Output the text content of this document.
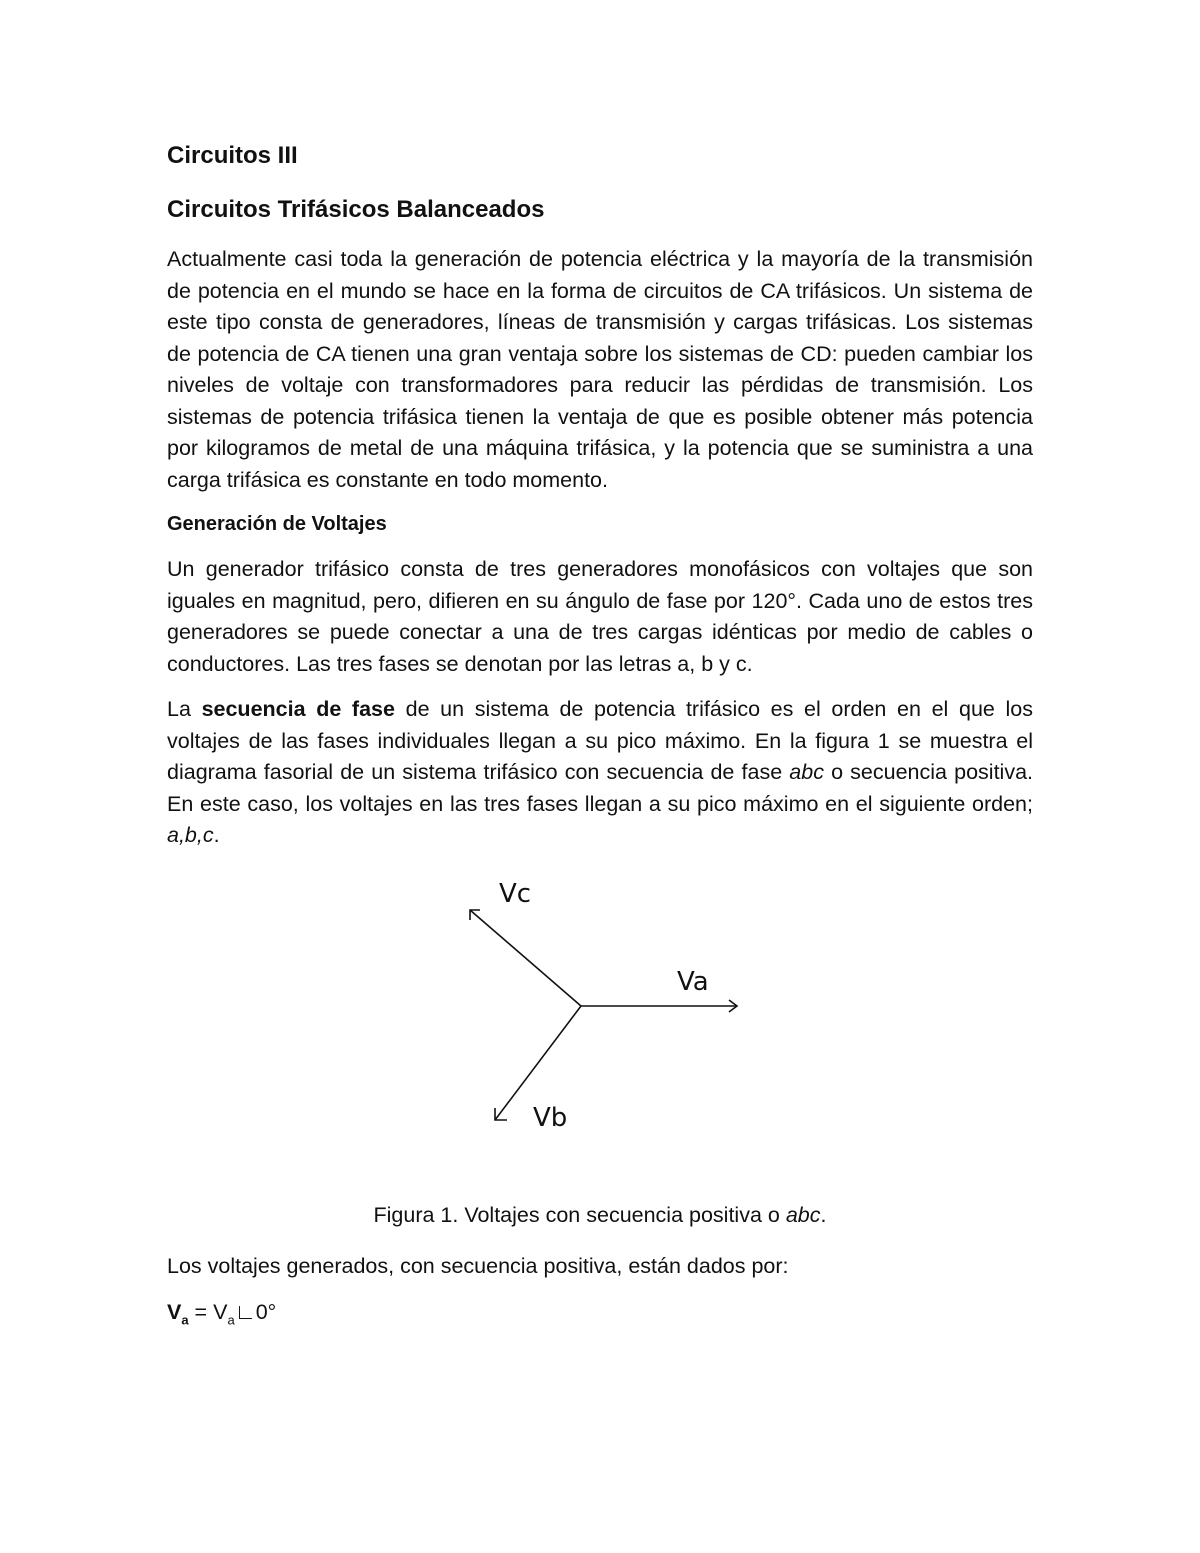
Circuitos III
Circuitos Trifásicos Balanceados

Actualmente casi toda la generación de potencia eléctrica y la mayoría de la transmisión de potencia en el mundo se hace en la forma de circuitos de CA trifásicos. Un sistema de este tipo consta de generadores, líneas de transmisión y cargas trifásicas. Los sistemas de potencia de CA tienen una gran ventaja sobre los sistemas de CD: pueden cambiar los niveles de voltaje con transformadores para reducir las pérdidas de transmisión. Los sistemas de potencia trifásica tienen la ventaja de que es posible obtener más potencia por kilogramos de metal de una máquina trifásica, y la potencia que se suministra a una carga trifásica es constante en todo momento.

Generación de Voltajes

Un generador trifásico consta de tres generadores monofásicos con voltajes que son iguales en magnitud, pero, difieren en su ángulo de fase por 120°. Cada uno de estos tres generadores se puede conectar a una de tres cargas idénticas por medio de cables o conductores. Las tres fases se denotan por las letras a, b y c.

La secuencia de fase de un sistema de potencia trifásico es el orden en el que los voltajes de las fases individuales llegan a su pico máximo. En la figura 1 se muestra el diagrama fasorial de un sistema trifásico con secuencia de fase abc o secuencia positiva. En este caso, los voltajes en las tres fases llegan a su pico máximo en el siguiente orden; a,b,c.

Va
Vc
Vb
Figura 1. Voltajes con secuencia positiva o abc.

Los voltajes generados, con secuencia positiva, están dados por:

$V_a$ = $V_a∟0^\circ$
